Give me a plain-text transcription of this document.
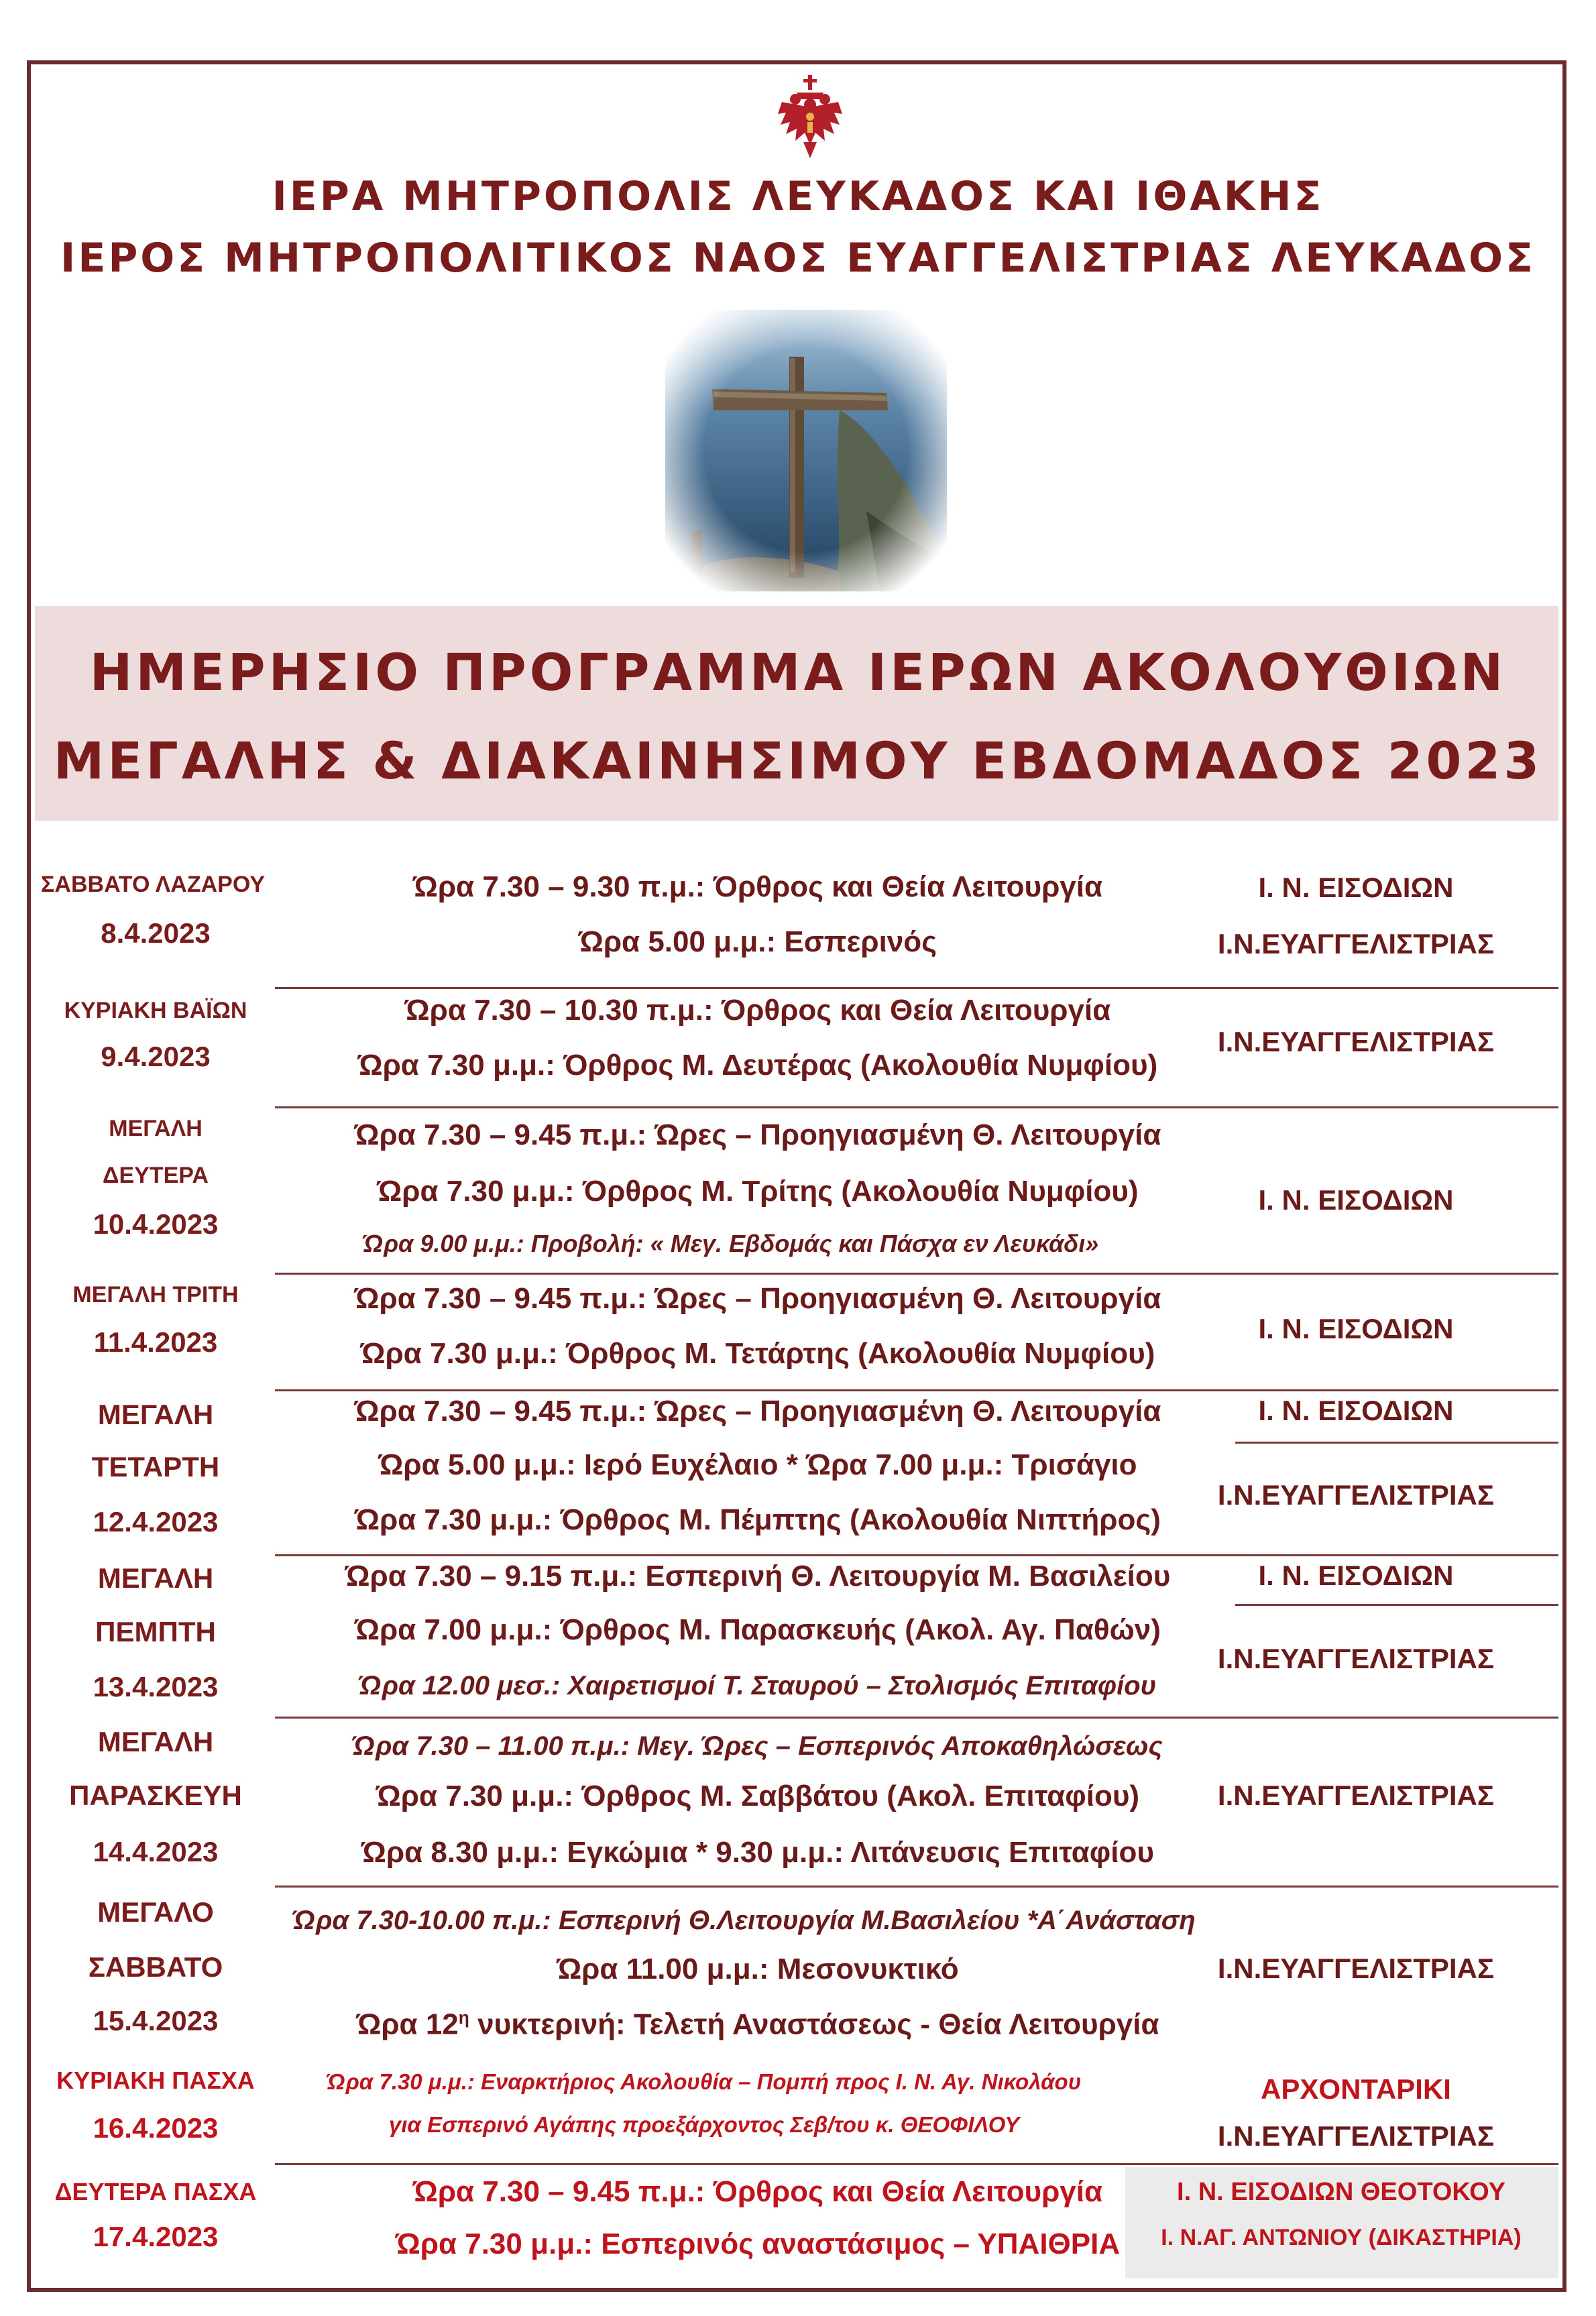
ΙΕΡΑ ΜΗΤΡΟΠΟΛΙΣ ΛΕΥΚΑΔΟΣ ΚΑΙ ΙΘΑΚΗΣ
ΙΕΡΟΣ ΜΗΤΡΟΠΟΛΙΤΙΚΟΣ ΝΑΟΣ ΕΥΑΓΓΕΛΙΣΤΡΙΑΣ ΛΕΥΚΑΔΟΣ
ΗΜΕΡΗΣΙΟ ΠΡΟΓΡΑΜΜΑ ΙΕΡΩΝ ΑΚΟΛΟΥΘΙΩΝ
ΜΕΓΑΛΗΣ & ΔΙΑΚΑΙΝΗΣΙΜΟΥ ΕΒΔΟΜΑΔΟΣ 2023
ΣΑΒΒΑΤΟ ΛΑΖΑΡΟΥ
8.4.2023
Ώρα 7.30 – 9.30 π.μ.: Όρθρος και Θεία Λειτουργία
Ώρα 5.00 μ.μ.: Εσπερινός
Ι. Ν. ΕΙΣΟΔΙΩΝ
Ι.Ν.ΕΥΑΓΓΕΛΙΣΤΡΙΑΣ
ΚΥΡΙΑΚΗ ΒΑΪΩΝ
9.4.2023
Ώρα 7.30 – 10.30 π.μ.: Όρθρος και Θεία Λειτουργία
Ώρα 7.30 μ.μ.: Όρθρος Μ. Δευτέρας (Ακολουθία Νυμφίου)
Ι.Ν.ΕΥΑΓΓΕΛΙΣΤΡΙΑΣ
ΜΕΓΑΛΗ
ΔΕΥΤΕΡΑ
10.4.2023
Ώρα 7.30 – 9.45 π.μ.: Ώρες – Προηγιασμένη Θ. Λειτουργία
Ώρα 7.30 μ.μ.: Όρθρος Μ. Τρίτης (Ακολουθία Νυμφίου)
Ώρα 9.00 μ.μ.: Προβολή: « Μεγ. Εβδομάς και Πάσχα εν Λευκάδι»
Ι. Ν. ΕΙΣΟΔΙΩΝ
ΜΕΓΑΛΗ ΤΡΙΤΗ
11.4.2023
Ώρα 7.30 – 9.45 π.μ.: Ώρες – Προηγιασμένη Θ. Λειτουργία
Ώρα 7.30 μ.μ.: Όρθρος Μ. Τετάρτης (Ακολουθία Νυμφίου)
Ι. Ν. ΕΙΣΟΔΙΩΝ
ΜΕΓΑΛΗ
ΤΕΤΑΡΤΗ
12.4.2023
Ώρα 7.30 – 9.45 π.μ.: Ώρες – Προηγιασμένη Θ. Λειτουργία
Ώρα 5.00 μ.μ.: Ιερό Ευχέλαιο * Ώρα 7.00 μ.μ.: Τρισάγιο
Ώρα 7.30 μ.μ.: Όρθρος Μ. Πέμπτης (Ακολουθία Νιπτήρος)
Ι. Ν. ΕΙΣΟΔΙΩΝ
Ι.Ν.ΕΥΑΓΓΕΛΙΣΤΡΙΑΣ
ΜΕΓΑΛΗ
ΠΕΜΠΤΗ
13.4.2023
Ώρα 7.30 – 9.15 π.μ.: Εσπερινή Θ. Λειτουργία Μ. Βασιλείου
Ώρα 7.00 μ.μ.: Όρθρος Μ. Παρασκευής (Ακολ. Αγ. Παθών)
Ώρα 12.00 μεσ.: Χαιρετισμοί Τ. Σταυρού – Στολισμός Επιταφίου
Ι. Ν. ΕΙΣΟΔΙΩΝ
Ι.Ν.ΕΥΑΓΓΕΛΙΣΤΡΙΑΣ
ΜΕΓΑΛΗ
ΠΑΡΑΣΚΕΥΗ
14.4.2023
Ώρα 7.30 – 11.00 π.μ.: Μεγ. Ώρες – Εσπερινός Αποκαθηλώσεως
Ώρα 7.30 μ.μ.: Όρθρος Μ. Σαββάτου (Ακολ. Επιταφίου)
Ώρα 8.30 μ.μ.: Εγκώμια * 9.30 μ.μ.: Λιτάνευσις Επιταφίου
Ι.Ν.ΕΥΑΓΓΕΛΙΣΤΡΙΑΣ
ΜΕΓΑΛΟ
ΣΑΒΒΑΤΟ
15.4.2023
Ώρα 7.30-10.00 π.μ.: Εσπερινή Θ.Λειτουργία Μ.Βασιλείου *Α΄Ανάσταση
Ώρα 11.00 μ.μ.: Μεσονυκτικό
Ώρα $12^\eta$ νυκτερινή: Τελετή Αναστάσεως - Θεία Λειτουργία
Ι.Ν.ΕΥΑΓΓΕΛΙΣΤΡΙΑΣ
ΚΥΡΙΑΚΗ ΠΑΣΧΑ
16.4.2023
Ώρα 7.30 μ.μ.: Εναρκτήριος Ακολουθία – Πομπή προς Ι. Ν. Αγ. Νικολάου
για Εσπερινό Αγάπης προεξάρχοντος Σεβ/του κ. ΘΕΟΦΙΛΟΥ
ΑΡΧΟΝΤΑΡΙΚΙ
Ι.Ν.ΕΥΑΓΓΕΛΙΣΤΡΙΑΣ
ΔΕΥΤΕΡΑ ΠΑΣΧΑ
17.4.2023
Ώρα 7.30 – 9.45 π.μ.: Όρθρος και Θεία Λειτουργία
Ώρα 7.30 μ.μ.: Εσπερινός αναστάσιμος – ΥΠΑΙΘΡΙΑ
Ι. Ν. ΕΙΣΟΔΙΩΝ ΘΕΟΤΟΚΟΥ
Ι. Ν.ΑΓ. ΑΝΤΩΝΙΟΥ (ΔΙΚΑΣΤΗΡΙΑ)
